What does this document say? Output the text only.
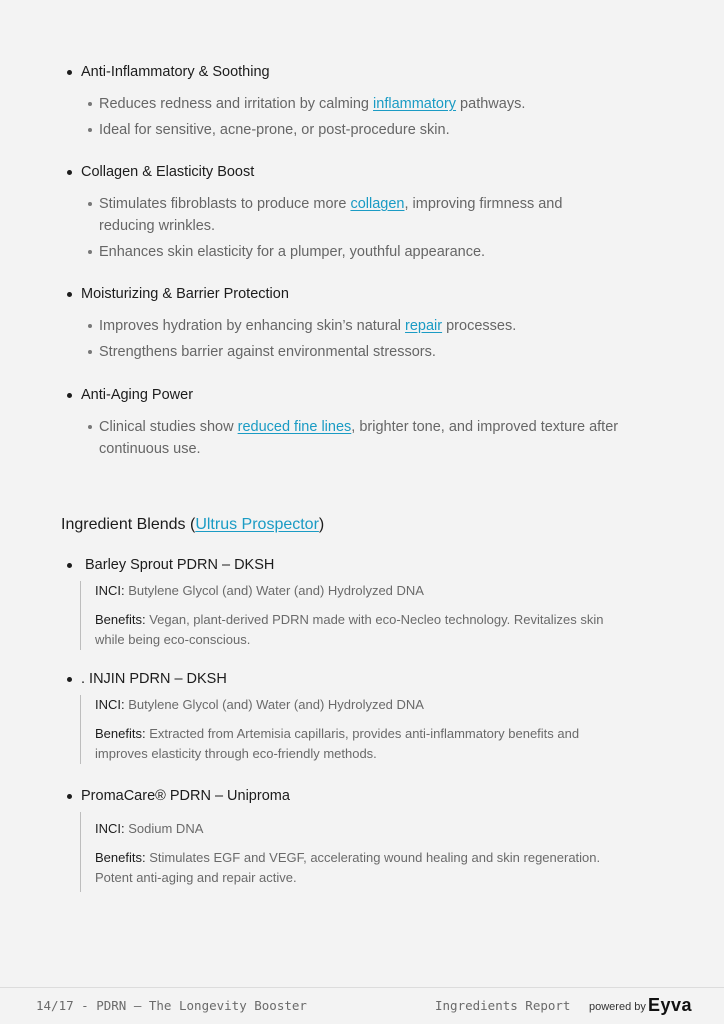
Anti-Inflammatory & Soothing
Reduces redness and irritation by calming inflammatory pathways.
Ideal for sensitive, acne-prone, or post-procedure skin.
Collagen & Elasticity Boost
Stimulates fibroblasts to produce more collagen, improving firmness and reducing wrinkles.
Enhances skin elasticity for a plumper, youthful appearance.
Moisturizing & Barrier Protection
Improves hydration by enhancing skin’s natural repair processes.
Strengthens barrier against environmental stressors.
Anti-Aging Power
Clinical studies show reduced fine lines, brighter tone, and improved texture after continuous use.
Ingredient Blends (Ultrus Prospector)
Barley Sprout PDRN – DKSH
INCI: Butylene Glycol (and) Water (and) Hydrolyzed DNA
Benefits: Vegan, plant-derived PDRN made with eco-Necleo technology. Revitalizes skin while being eco-conscious.
. INJIN PDRN – DKSH
INCI: Butylene Glycol (and) Water (and) Hydrolyzed DNA
Benefits: Extracted from Artemisia capillaris, provides anti-inflammatory benefits and improves elasticity through eco-friendly methods.
PromaCare® PDRN – Uniproma
INCI: Sodium DNA
Benefits: Stimulates EGF and VEGF, accelerating wound healing and skin regeneration. Potent anti-aging and repair active.
14/17 - PDRN – The Longevity Booster	Ingredients Report powered by Eyva
